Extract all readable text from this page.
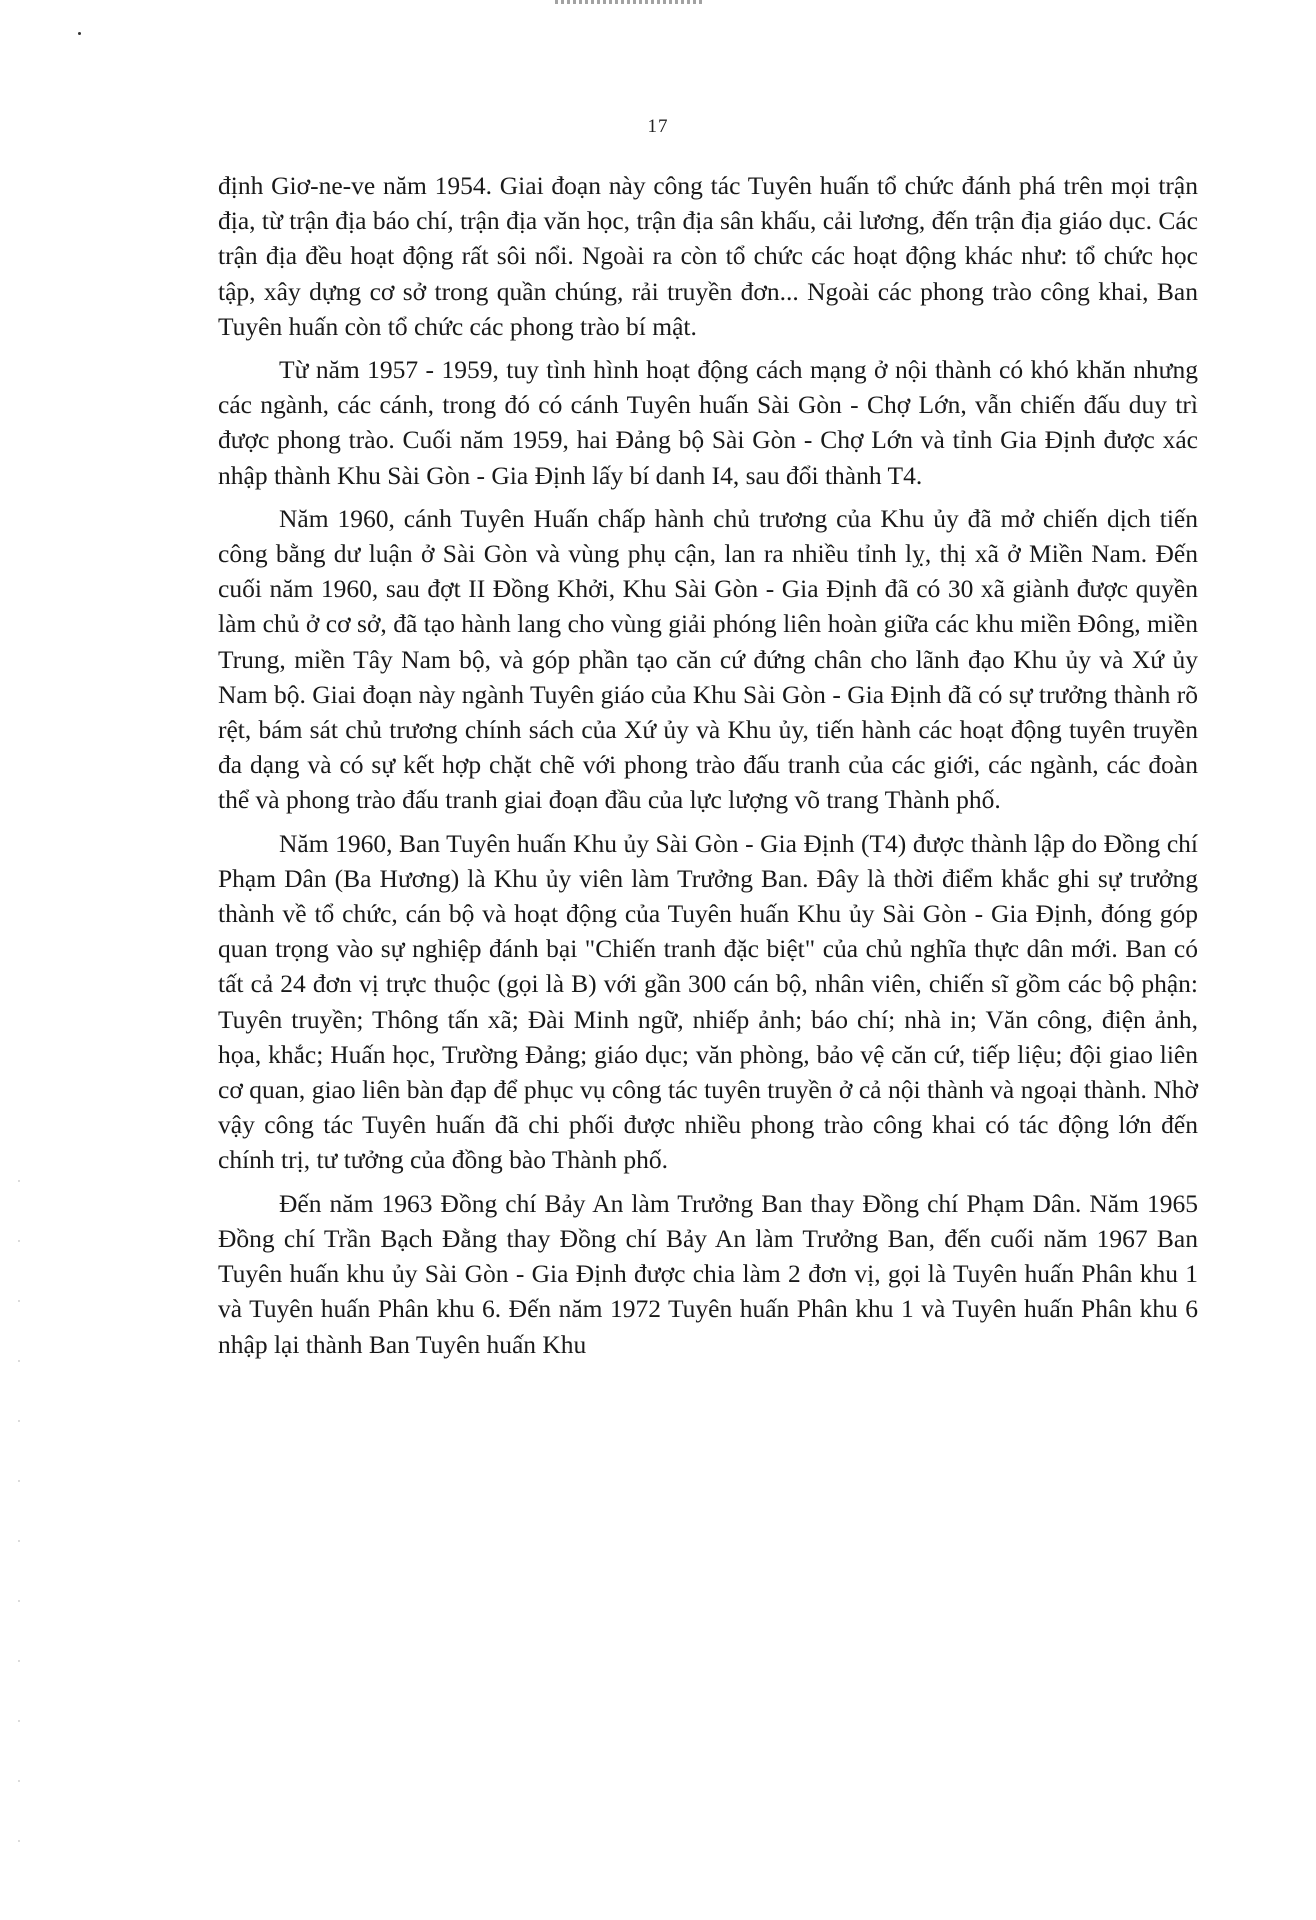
17

định Giơ-ne-ve năm 1954. Giai đoạn này công tác Tuyên huấn tổ chức đánh phá trên mọi trận địa, từ trận địa báo chí, trận địa văn học, trận địa sân khấu, cải lương, đến trận địa giáo dục. Các trận địa đều hoạt động rất sôi nổi. Ngoài ra còn tổ chức các hoạt động khác như: tổ chức học tập, xây dựng cơ sở trong quần chúng, rải truyền đơn... Ngoài các phong trào công khai, Ban Tuyên huấn còn tổ chức các phong trào bí mật.

Từ năm 1957 - 1959, tuy tình hình hoạt động cách mạng ở nội thành có khó khăn nhưng các ngành, các cánh, trong đó có cánh Tuyên huấn Sài Gòn - Chợ Lớn, vẫn chiến đấu duy trì được phong trào. Cuối năm 1959, hai Đảng bộ Sài Gòn - Chợ Lớn và tỉnh Gia Định được xác nhập thành Khu Sài Gòn - Gia Định lấy bí danh I4, sau đổi thành T4.

Năm 1960, cánh Tuyên Huấn chấp hành chủ trương của Khu ủy đã mở chiến dịch tiến công bằng dư luận ở Sài Gòn và vùng phụ cận, lan ra nhiều tỉnh lỵ, thị xã ở Miền Nam. Đến cuối năm 1960, sau đợt II Đồng Khởi, Khu Sài Gòn - Gia Định đã có 30 xã giành được quyền làm chủ ở cơ sở, đã tạo hành lang cho vùng giải phóng liên hoàn giữa các khu miền Đông, miền Trung, miền Tây Nam bộ, và góp phần tạo căn cứ đứng chân cho lãnh đạo Khu ủy và Xứ ủy Nam bộ. Giai đoạn này ngành Tuyên giáo của Khu Sài Gòn - Gia Định đã có sự trưởng thành rõ rệt, bám sát chủ trương chính sách của Xứ ủy và Khu ủy, tiến hành các hoạt động tuyên truyền đa dạng và có sự kết hợp chặt chẽ với phong trào đấu tranh của các giới, các ngành, các đoàn thể và phong trào đấu tranh giai đoạn đầu của lực lượng võ trang Thành phố.

Năm 1960, Ban Tuyên huấn Khu ủy Sài Gòn - Gia Định (T4) được thành lập do Đồng chí Phạm Dân (Ba Hương) là Khu ủy viên làm Trưởng Ban. Đây là thời điểm khắc ghi sự trưởng thành về tổ chức, cán bộ và hoạt động của Tuyên huấn Khu ủy Sài Gòn - Gia Định, đóng góp quan trọng vào sự nghiệp đánh bại "Chiến tranh đặc biệt" của chủ nghĩa thực dân mới. Ban có tất cả 24 đơn vị trực thuộc (gọi là B) với gần 300 cán bộ, nhân viên, chiến sĩ gồm các bộ phận: Tuyên truyền; Thông tấn xã; Đài Minh ngữ, nhiếp ảnh; báo chí; nhà in; Văn công, điện ảnh, họa, khắc; Huấn học, Trường Đảng; giáo dục; văn phòng, bảo vệ căn cứ, tiếp liệu; đội giao liên cơ quan, giao liên bàn đạp để phục vụ công tác tuyên truyền ở cả nội thành và ngoại thành. Nhờ vậy công tác Tuyên huấn đã chi phối được nhiều phong trào công khai có tác động lớn đến chính trị, tư tưởng của đồng bào Thành phố.

Đến năm 1963 Đồng chí Bảy An làm Trưởng Ban thay Đồng chí Phạm Dân. Năm 1965 Đồng chí Trần Bạch Đằng thay Đồng chí Bảy An làm Trưởng Ban, đến cuối năm 1967 Ban Tuyên huấn khu ủy Sài Gòn - Gia Định được chia làm 2 đơn vị, gọi là Tuyên huấn Phân khu 1 và Tuyên huấn Phân khu 6. Đến năm 1972 Tuyên huấn Phân khu 1 và Tuyên huấn Phân khu 6 nhập lại thành Ban Tuyên huấn Khu
